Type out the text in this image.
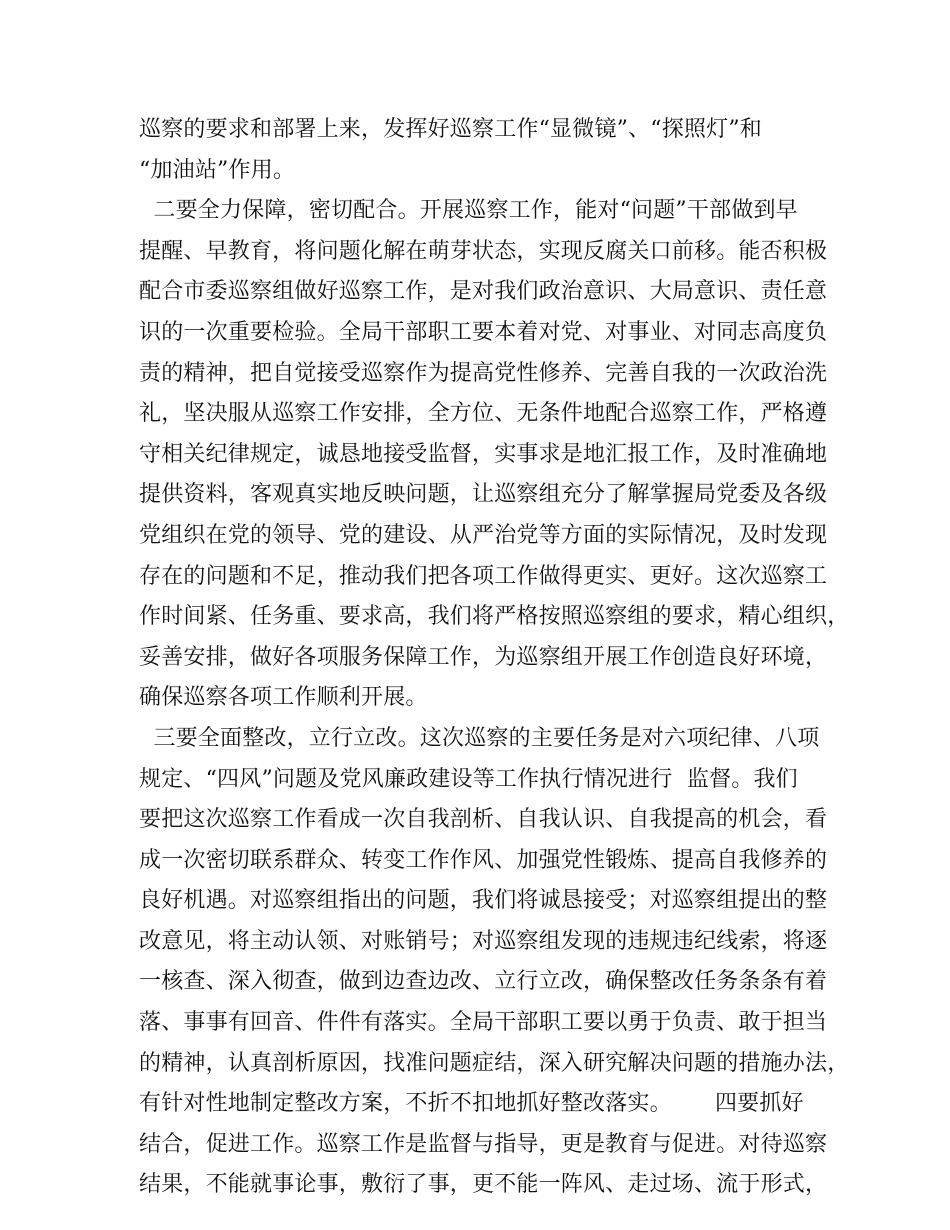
巡察的要求和部署上来，发挥好巡察工作“显微镜”、“探照灯”和
“加油站”作用。
二要全力保障，密切配合。开展巡察工作，能对“问题”干部做到早
提醒、早教育，将问题化解在萌芽状态，实现反腐关口前移。能否积极
配合市委巡察组做好巡察工作，是对我们政治意识、大局意识、责任意
识的一次重要检验。全局干部职工要本着对党、对事业、对同志高度负
责的精神，把自觉接受巡察作为提高党性修养、完善自我的一次政治洗
礼，坚决服从巡察工作安排，全方位、无条件地配合巡察工作，严格遵
守相关纪律规定，诚恳地接受监督，实事求是地汇报工作，及时准确地
提供资料，客观真实地反映问题，让巡察组充分了解掌握局党委及各级
党组织在党的领导、党的建设、从严治党等方面的实际情况，及时发现
存在的问题和不足，推动我们把各项工作做得更实、更好。这次巡察工
作时间紧、任务重、要求高，我们将严格按照巡察组的要求，精心组织，
妥善安排，做好各项服务保障工作，为巡察组开展工作创造良好环境，
确保巡察各项工作顺利开展。
三要全面整改，立行立改。这次巡察的主要任务是对六项纪律、八项
规定、“四风”问题及党风廉政建设等工作执行情况进行  监督。我们
要把这次巡察工作看成一次自我剖析、自我认识、自我提高的机会，看
成一次密切联系群众、转变工作作风、加强党性锻炼、提高自我修养的
良好机遇。对巡察组指出的问题，我们将诚恳接受；对巡察组提出的整
改意见，将主动认领、对账销号；对巡察组发现的违规违纪线索，将逐
一核查、深入彻查，做到边查边改、立行立改，确保整改任务条条有着
落、事事有回音、件件有落实。全局干部职工要以勇于负责、敢于担当
的精神，认真剖析原因，找准问题症结，深入研究解决问题的措施办法，
有针对性地制定整改方案，不折不扣地抓好整改落实。      四要抓好
结合，促进工作。巡察工作是监督与指导，更是教育与促进。对待巡察
结果，不能就事论事，敷衍了事，更不能一阵风、走过场、流于形式，
